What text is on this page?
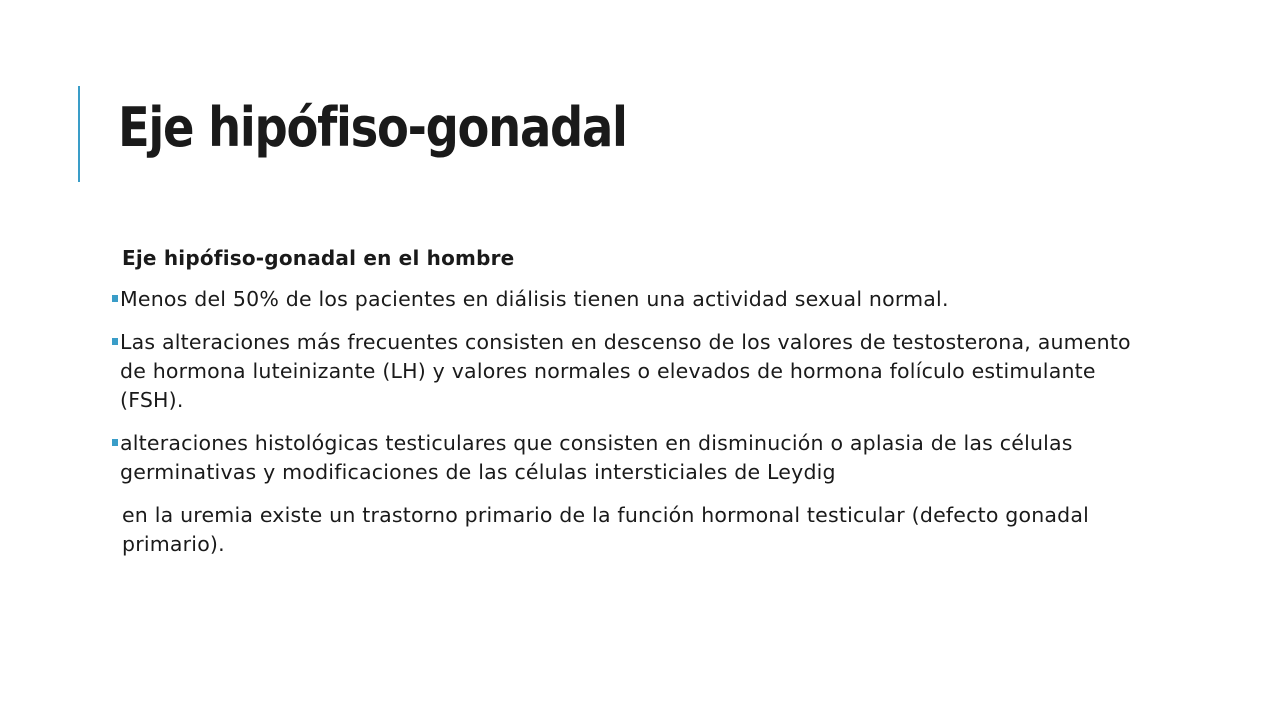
Eje hipófiso-gonadal

Eje hipófiso-gonadal en el hombre

Menos del 50% de los pacientes en diálisis tienen una actividad sexual normal.
Las alteraciones más frecuentes consisten en descenso de los valores de testosterona, aumento de hormona luteinizante (LH) y valores normales o elevados de hormona folículo estimulante (FSH).
alteraciones histológicas testiculares que consisten en disminución o aplasia de las células germinativas y modificaciones de las células intersticiales de Leydig

en la uremia existe un trastorno primario de la función hormonal testicular (defecto gonadal primario).
